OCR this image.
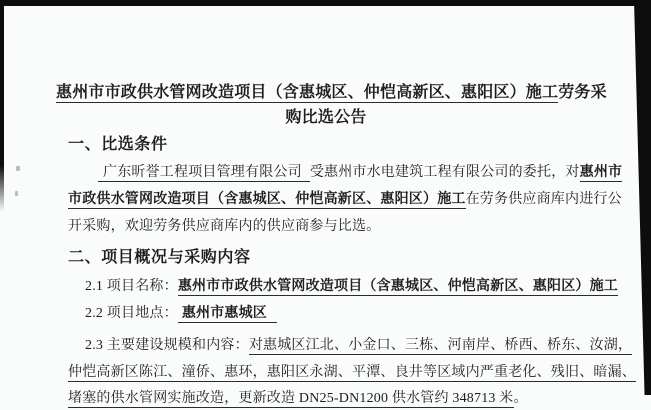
惠州市市政供水管网改造项目（含惠城区、仲恺高新区、惠阳区）施工劳务采
购比选公告
一、比选条件
广东昕誉工程项目管理有限公司 受惠州市水电建筑工程有限公司的委托，对惠州市
市政供水管网改造项目（含惠城区、仲恺高新区、惠阳区）施工在劳务供应商库内进行公
开采购，欢迎劳务供应商库内的供应商参与比选。
二、项目概况与采购内容
2.1 项目名称：惠州市市政供水管网改造项目（含惠城区、仲恺高新区、惠阳区）施工
2.2 项目地点： 惠州市惠城区
2.3 主要建设规模和内容：对惠城区江北、小金口、三栋、河南岸、桥西、桥东、汝湖，
仲恺高新区陈江、潼侨、惠环，惠阳区永湖、平潭、良井等区域内严重老化、残旧、暗漏、
堵塞的供水管网实施改造，更新改造 DN25-DN1200 供水管约 348713 米。
